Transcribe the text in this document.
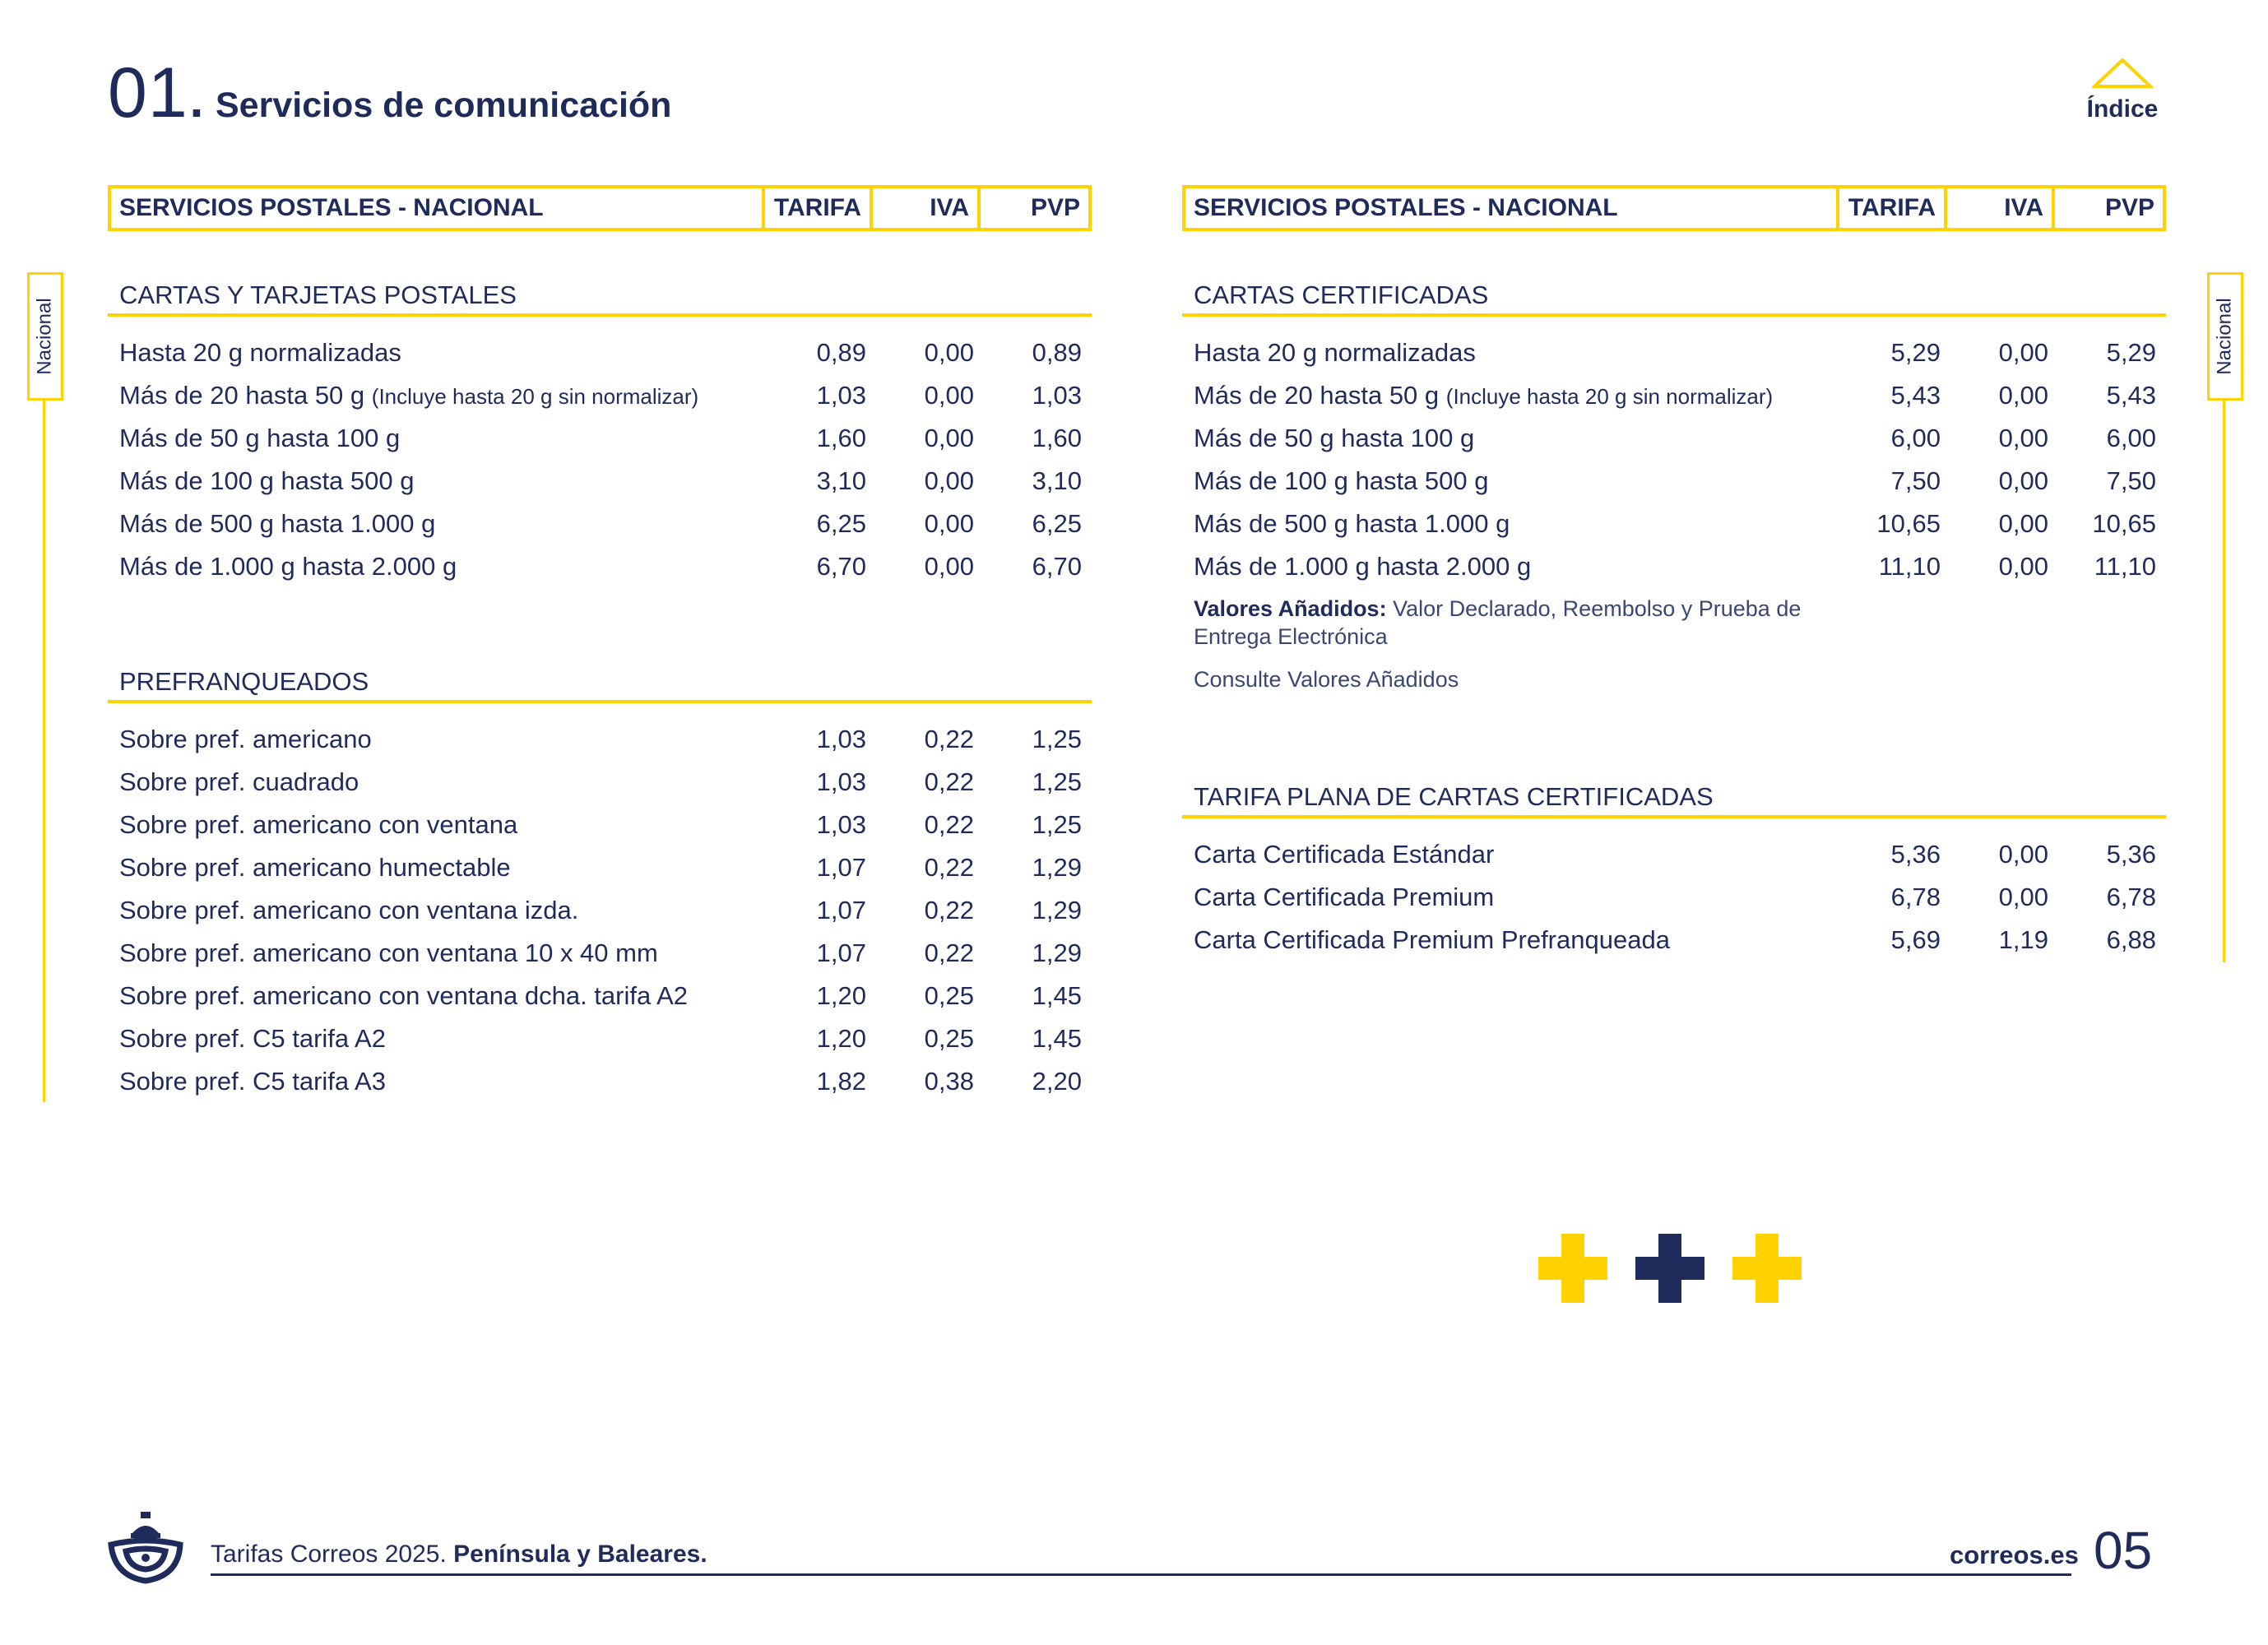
01. Servicios de comunicación	Índice
Nacional	Nacional
SERVICIOS POSTALES - NACIONAL	TARIFA	IVA	PVP
CARTAS Y TARJETAS POSTALES
Hasta 20 g normalizadas	0,89	0,00	0,89
Más de 20 hasta 50 g (Incluye hasta 20 g sin normalizar)	1,03	0,00	1,03
Más de 50 g hasta 100 g	1,60	0,00	1,60
Más de 100 g hasta 500 g	3,10	0,00	3,10
Más de 500 g hasta 1.000 g	6,25	0,00	6,25
Más de 1.000 g hasta 2.000 g	6,70	0,00	6,70
PREFRANQUEADOS
Sobre pref. americano	1,03	0,22	1,25
Sobre pref. cuadrado	1,03	0,22	1,25
Sobre pref. americano con ventana	1,03	0,22	1,25
Sobre pref. americano humectable	1,07	0,22	1,29
Sobre pref. americano con ventana izda.	1,07	0,22	1,29
Sobre pref. americano con ventana 10 x 40 mm	1,07	0,22	1,29
Sobre pref. americano con ventana dcha. tarifa A2	1,20	0,25	1,45
Sobre pref. C5 tarifa A2	1,20	0,25	1,45
Sobre pref. C5 tarifa A3	1,82	0,38	2,20
SERVICIOS POSTALES - NACIONAL	TARIFA	IVA	PVP
CARTAS CERTIFICADAS
Hasta 20 g normalizadas	5,29	0,00	5,29
Más de 20 hasta 50 g (Incluye hasta 20 g sin normalizar)	5,43	0,00	5,43
Más de 50 g hasta 100 g	6,00	0,00	6,00
Más de 100 g hasta 500 g	7,50	0,00	7,50
Más de 500 g hasta 1.000 g	10,65	0,00	10,65
Más de 1.000 g hasta 2.000 g	11,10	0,00	11,10
Valores Añadidos: Valor Declarado, Reembolso y Prueba de Entrega Electrónica
Consulte Valores Añadidos
TARIFA PLANA DE CARTAS CERTIFICADAS
Carta Certificada Estándar	5,36	0,00	5,36
Carta Certificada Premium	6,78	0,00	6,78
Carta Certificada Premium Prefranqueada	5,69	1,19	6,88
Tarifas Correos 2025. Península y Baleares.	correos.es 05
